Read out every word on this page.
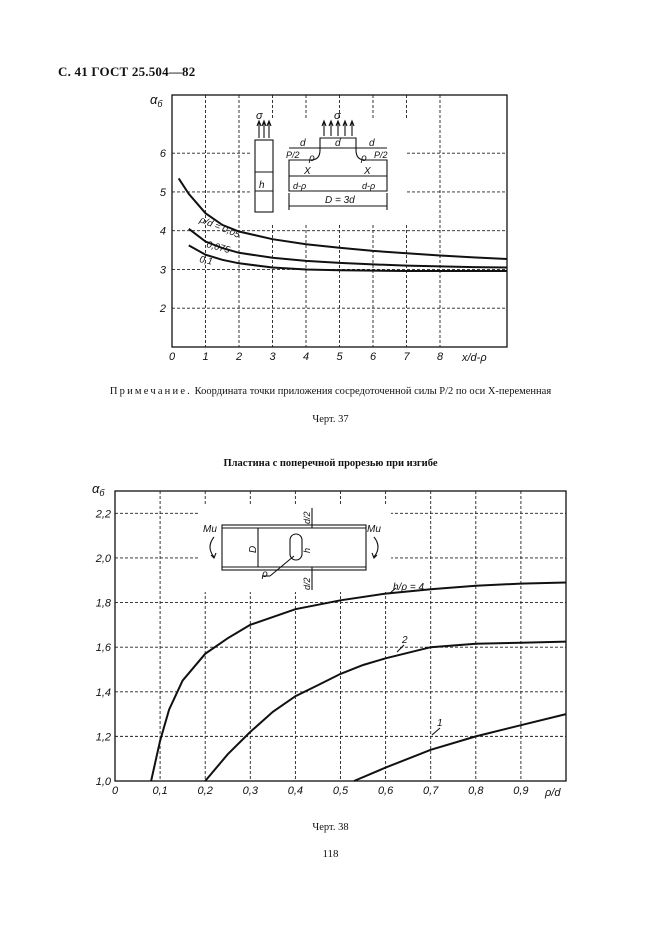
С. 41 ГОСТ 25.504—82
0 1 2 3 4 5 6 7 8
2
3
4
5
6
$\alpha_б$
x/d-ρ
ρ/d = 0,05
0,075
0,1
σ
h
σ
d	d	d
P/2	P/2
ρ	ρ
X	X
d-ρ	d-ρ
D = 3d
Примечание. Координата точки приложения сосредоточенной силы P/2 по оси X-переменная
Черт. 37
Пластина с поперечной прорезью при изгибе
0	0,1	0,2	0,3	0,4	0,5	0,6	0,7	0,8	0,9
1,0
1,2
1,4
1,6
1,8
2,0
2,2
$\alpha_б$
ρ/d
h/ρ = 4
2
1
D
d/2
d/2
h
ρ
Mи	Mи
Черт. 38
118
